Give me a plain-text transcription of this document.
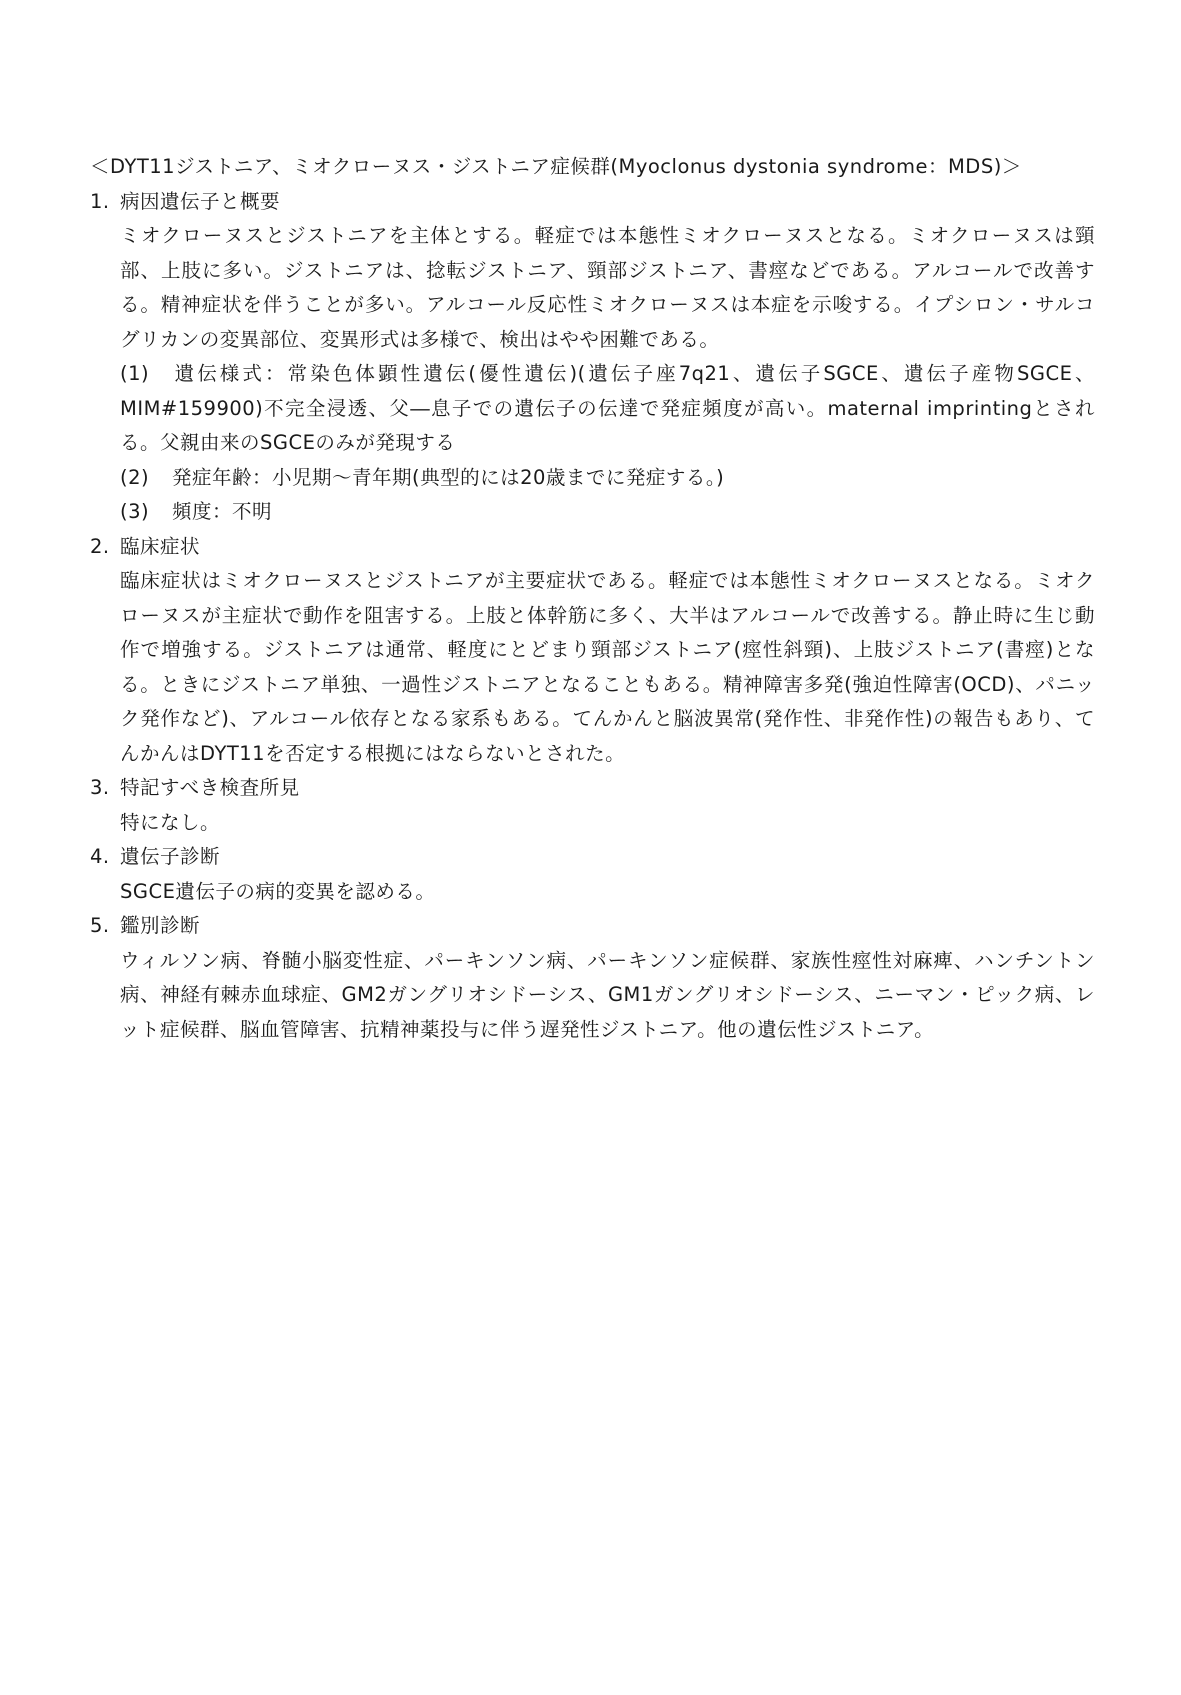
＜DYT11ジストニア、ミオクローヌス・ジストニア症候群(Myoclonus dystonia syndrome：MDS)＞
1. 病因遺伝子と概要

ミオクローヌスとジストニアを主体とする。軽症では本態性ミオクローヌスとなる。ミオクローヌスは頸部、上肢に多い。ジストニアは、捻転ジストニア、頸部ジストニア、書痙などである。アルコールで改善する。精神症状を伴うことが多い。アルコール反応性ミオクローヌスは本症を示唆する。イプシロン・サルコグリカンの変異部位、変異形式は多様で、検出はやや困難である。

(1) 遺伝様式：常染色体顕性遺伝(優性遺伝)(遺伝子座7q21、遺伝子SGCE、遺伝子産物SGCE、MIM#159900)不完全浸透、父―息子での遺伝子の伝達で発症頻度が高い。maternal imprintingとされる。父親由来のSGCEのみが発現する
(2)	発症年齢：小児期～青年期(典型的には20歳までに発症する。)
(3)	頻度：不明
2. 臨床症状

臨床症状はミオクローヌスとジストニアが主要症状である。軽症では本態性ミオクローヌスとなる。ミオクローヌスが主症状で動作を阻害する。上肢と体幹筋に多く、大半はアルコールで改善する。静止時に生じ動作で増強する。ジストニアは通常、軽度にとどまり頸部ジストニア(痙性斜頸)、上肢ジストニア(書痙)となる。ときにジストニア単独、一過性ジストニアとなることもある。精神障害多発(強迫性障害(OCD)、パニック発作など)、アルコール依存となる家系もある。てんかんと脳波異常(発作性、非発作性)の報告もあり、てんかんはDYT11を否定する根拠にはならないとされた。

3. 特記すべき検査所見

特になし。

4. 遺伝子診断

SGCE遺伝子の病的変異を認める。

5. 鑑別診断

ウィルソン病、脊髄小脳変性症、パーキンソン病、パーキンソン症候群、家族性痙性対麻痺、ハンチントン病、神経有棘赤血球症、GM2ガングリオシドーシス、GM1ガングリオシドーシス、ニーマン・ピック病、レット症候群、脳血管障害、抗精神薬投与に伴う遅発性ジストニア。他の遺伝性ジストニア。
